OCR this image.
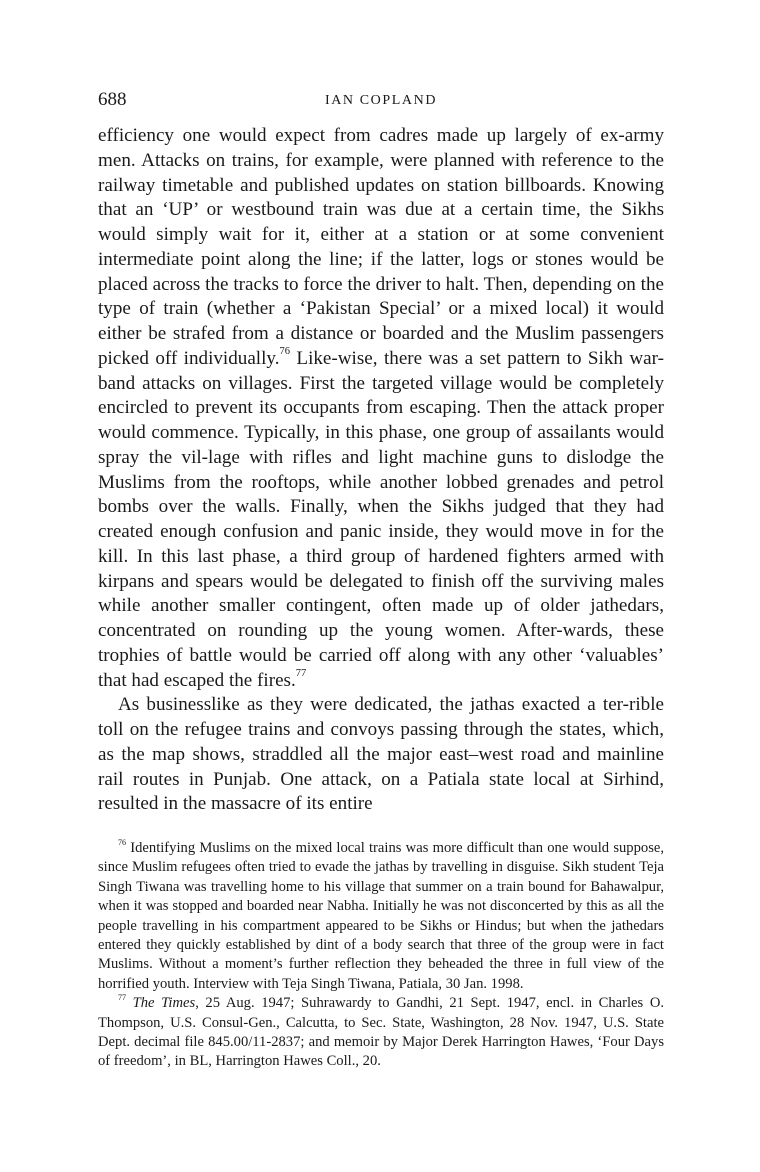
688	IAN COPLAND

efficiency one would expect from cadres made up largely of ex-army men. Attacks on trains, for example, were planned with reference to the railway timetable and published updates on station billboards. Knowing that an ‘UP’ or westbound train was due at a certain time, the Sikhs would simply wait for it, either at a station or at some convenient intermediate point along the line; if the latter, logs or stones would be placed across the tracks to force the driver to halt. Then, depending on the type of train (whether a ‘Pakistan Special’ or a mixed local) it would either be strafed from a distance or boarded and the Muslim passengers picked off individually.$^{76}$ Like-wise, there was a set pattern to Sikh war-band attacks on villages. First the targeted village would be completely encircled to prevent its occupants from escaping. Then the attack proper would commence. Typically, in this phase, one group of assailants would spray the vil-lage with rifles and light machine guns to dislodge the Muslims from the rooftops, while another lobbed grenades and petrol bombs over the walls. Finally, when the Sikhs judged that they had created enough confusion and panic inside, they would move in for the kill. In this last phase, a third group of hardened fighters armed with kirpans and spears would be delegated to finish off the surviving males while another smaller contingent, often made up of older jathedars, concentrated on rounding up the young women. After-wards, these trophies of battle would be carried off along with any other ‘valuables’ that had escaped the fires.$^{77}$

As businesslike as they were dedicated, the jathas exacted a ter-rible toll on the refugee trains and convoys passing through the states, which, as the map shows, straddled all the major east–west road and mainline rail routes in Punjab. One attack, on a Patiala state local at Sirhind, resulted in the massacre of its entire

$^{76}$ Identifying Muslims on the mixed local trains was more difficult than one would suppose, since Muslim refugees often tried to evade the jathas by travelling in disguise. Sikh student Teja Singh Tiwana was travelling home to his village that summer on a train bound for Bahawalpur, when it was stopped and boarded near Nabha. Initially he was not disconcerted by this as all the people travelling in his compartment appeared to be Sikhs or Hindus; but when the jathedars entered they quickly established by dint of a body search that three of the group were in fact Muslims. Without a moment’s further reflection they beheaded the three in full view of the horrified youth. Interview with Teja Singh Tiwana, Patiala, 30 Jan. 1998.

$^{77}$ The Times, 25 Aug. 1947; Suhrawardy to Gandhi, 21 Sept. 1947, encl. in Charles O. Thompson, U.S. Consul-Gen., Calcutta, to Sec. State, Washington, 28 Nov. 1947, U.S. State Dept. decimal file 845.00/11-2837; and memoir by Major Derek Harrington Hawes, ‘Four Days of freedom’, in BL, Harrington Hawes Coll., 20.
